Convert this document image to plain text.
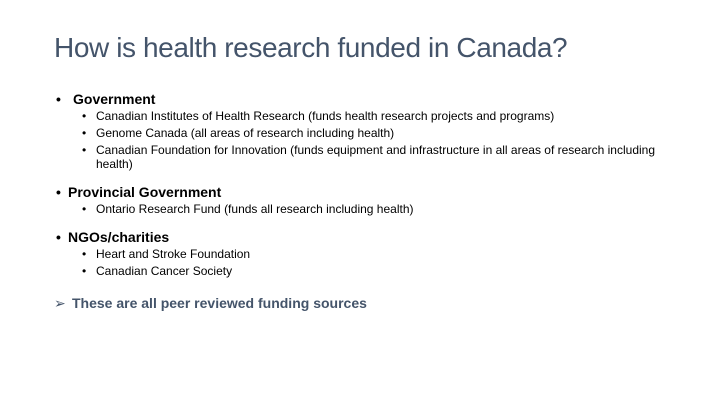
How is health research funded in Canada?
• Government
• Canadian Institutes of Health Research (funds health research projects and programs)
• Genome Canada (all areas of research including health)
• Canadian Foundation for Innovation (funds equipment and infrastructure in all areas of research including health)
• Provincial Government
• Ontario Research Fund (funds all research including health)
• NGOs/charities
• Heart and Stroke Foundation
• Canadian Cancer Society
➢ These are all peer reviewed funding sources
